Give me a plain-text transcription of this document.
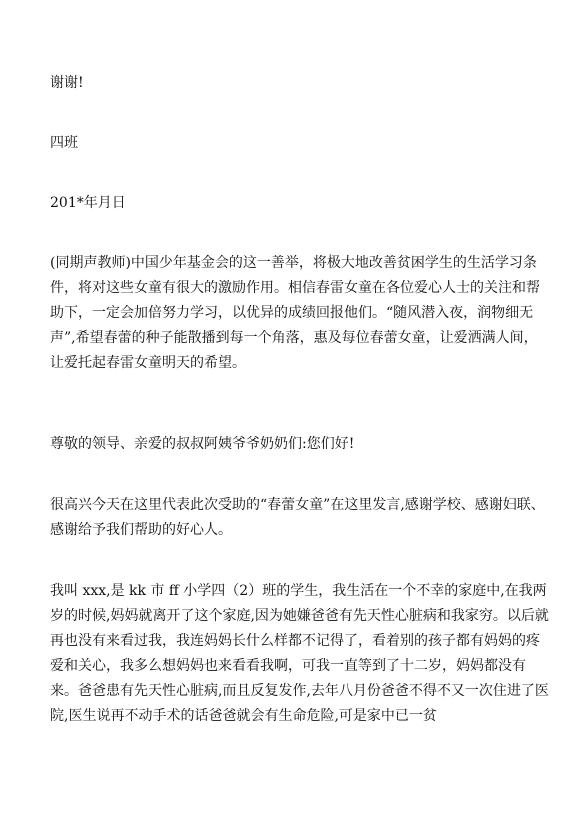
谢谢!

四班

201*年月日

(同期声教师)中国少年基金会的这一善举，将极大地改善贫困学生的生活学习条件，将对这些女童有很大的激励作用。相信春雷女童在各位爱心人士的关注和帮助下，一定会加倍努力学习，以优异的成绩回报他们。“随风潜入夜，润物细无声”,希望春蕾的种子能散播到每一个角落，惠及每位春蕾女童，让爱洒满人间，让爱托起春雷女童明天的希望。

尊敬的领导、亲爱的叔叔阿姨爷爷奶奶们:您们好!

很高兴今天在这里代表此次受助的“春蕾女童”在这里发言,感谢学校、感谢妇联、感谢给予我们帮助的好心人。

我叫 xxx,是 kk 市 ff 小学四（2）班的学生，我生活在一个不幸的家庭中,在我两岁的时候,妈妈就离开了这个家庭,因为她嫌爸爸有先天性心脏病和我家穷。以后就再也没有来看过我，我连妈妈长什么样都不记得了，看着别的孩子都有妈妈的疼爱和关心，我多么想妈妈也来看看我啊，可我一直等到了十二岁，妈妈都没有来。爸爸患有先天性心脏病,而且反复发作,去年八月份爸爸不得不又一次住进了医院,医生说再不动手术的话爸爸就会有生命危险,可是家中已一贫
